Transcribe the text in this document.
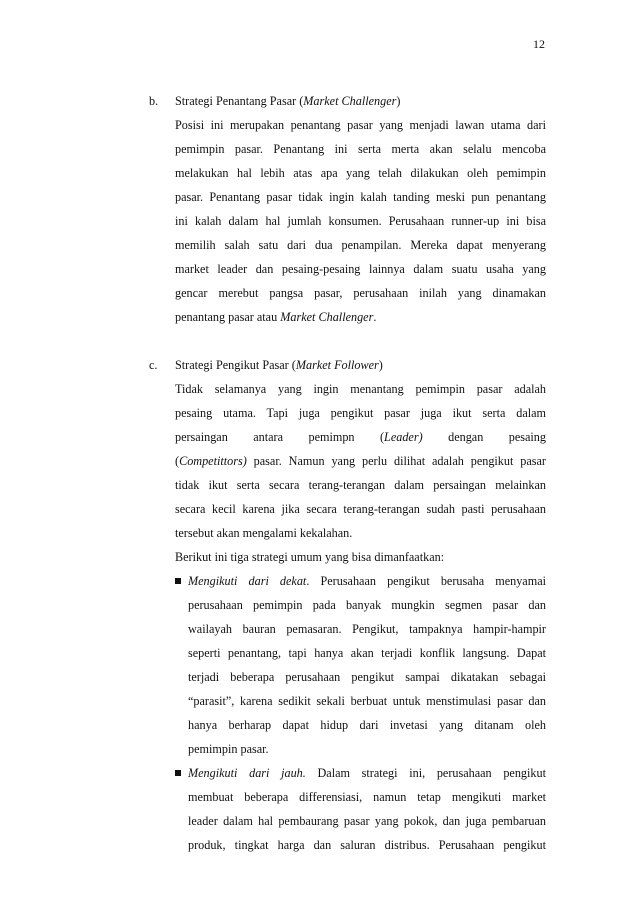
12
b. Strategi Penantang Pasar (Market Challenger)
Posisi ini merupakan penantang pasar yang menjadi lawan utama dari
pemimpin pasar. Penantang ini serta merta akan selalu mencoba
melakukan hal lebih atas apa yang telah dilakukan oleh pemimpin
pasar. Penantang pasar tidak ingin kalah tanding meski pun penantang
ini kalah dalam hal jumlah konsumen. Perusahaan runner-up ini bisa
memilih salah satu dari dua penampilan. Mereka dapat menyerang
market leader dan pesaing-pesaing lainnya dalam suatu usaha yang
gencar merebut pangsa pasar, perusahaan inilah yang dinamakan
penantang pasar atau Market Challenger.
c. Strategi Pengikut Pasar (Market Follower)
Tidak selamanya yang ingin menantang pemimpin pasar adalah
pesaing utama. Tapi juga pengikut pasar juga ikut serta dalam
persaingan antara pemimpn (Leader) dengan pesaing
(Competittors) pasar. Namun yang perlu dilihat adalah pengikut pasar
tidak ikut serta secara terang-terangan dalam persaingan melainkan
secara kecil karena jika secara terang-terangan sudah pasti perusahaan
tersebut akan mengalami kekalahan.
Berikut ini tiga strategi umum yang bisa dimanfaatkan:
Mengikuti dari dekat. Perusahaan pengikut berusaha menyamai
perusahaan pemimpin pada banyak mungkin segmen pasar dan
wailayah bauran pemasaran. Pengikut, tampaknya hampir-hampir
seperti penantang, tapi hanya akan terjadi konflik langsung. Dapat
terjadi beberapa perusahaan pengikut sampai dikatakan sebagai
“parasit”, karena sedikit sekali berbuat untuk menstimulasi pasar dan
hanya berharap dapat hidup dari invetasi yang ditanam oleh
pemimpin pasar.
Mengikuti dari jauh. Dalam strategi ini, perusahaan pengikut
membuat beberapa differensiasi, namun tetap mengikuti market
leader dalam hal pembaurang pasar yang pokok, dan juga pembaruan
produk, tingkat harga dan saluran distribus. Perusahaan pengikut
